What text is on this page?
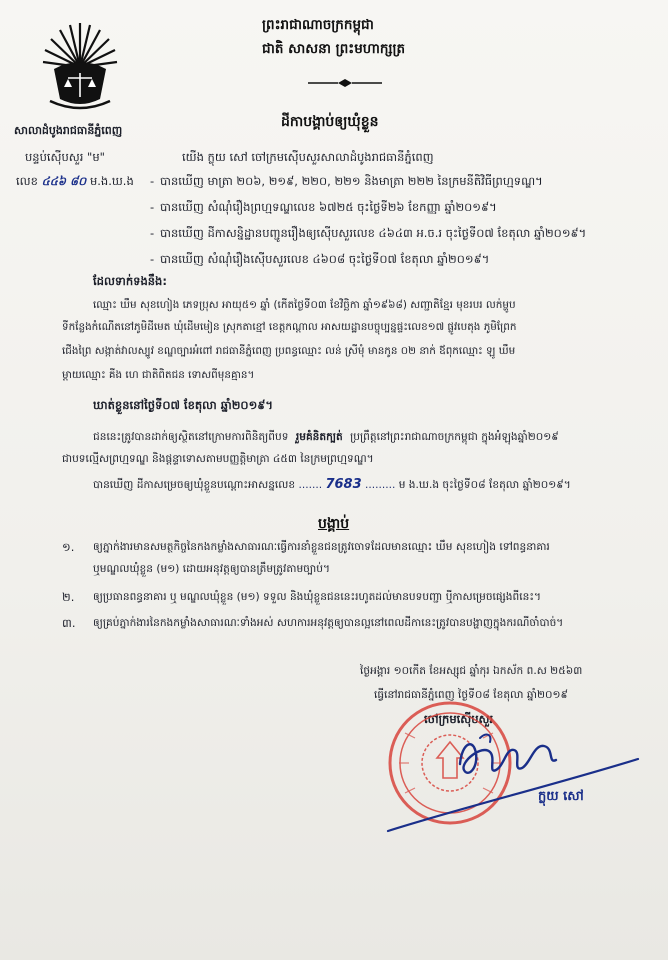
សាលាដំបូងរាជធានីភ្នំពេញ
បន្ទប់ស៊ើបសួរ "ម"
លេខ ៤៤៦ ៨០ ម.ង.ឃ.ង
ព្រះរាជាណាចក្រកម្ពុជា
ជាតិ សាសនា ព្រះមហាក្សត្រ
ដីកាបង្គាប់ឲ្យឃុំខ្លួន
យើង ក្លុយ សៅ ចៅក្រមស៊ើបសួរសាលាដំបូងរាជធានីភ្នំពេញ
- បានឃើញ មាត្រា ២០៦, ២១៩, ២២០, ២២១ និងមាត្រា ២២២ នៃក្រមនីតិវិធីព្រហ្មទណ្ឌ។
- បានឃើញ សំណុំរឿងព្រហ្មទណ្ឌលេខ ៦៧២៥ ចុះថ្ងៃទី២៦ ខែកញ្ញា ឆ្នាំ២០១៩។
- បានឃើញ ដីកាសន្និដ្ឋានបញ្ជូនរឿងឲ្យស៊ើបសួរលេខ ៤៦៤៣ អ.ច.រ ចុះថ្ងៃទី០៧ ខែតុលា ឆ្នាំ២០១៩។
- បានឃើញ សំណុំរឿងស៊ើបសួរលេខ ៤៦០៨ ចុះថ្ងៃទី០៧ ខែតុលា ឆ្នាំ២០១៩។
ដែលទាក់ទងនឹង:
ឈ្មោះ ឃឹម សុខហៀង ភេទប្រុស អាយុ៥១ ឆ្នាំ (កើតថ្ងៃទី០៣ ខែវិច្ឆិកា ឆ្នាំ១៩៦៨) សញ្ជាតិខ្មែរ មុខរបរ លក់ម្ហូប
ទីកន្លែងកំណើតនៅភូមិដីមេត ឃុំដើមមៀន ស្រុកតាខ្មៅ ខេត្តកណ្ដាល អាសយដ្ឋានបច្ចុប្បន្នផ្ទះលេខ១៧ ផ្លូវបេតុង ភូមិព្រែក
ជើងព្រៃ សង្កាត់វាលស្បូវ ខណ្ឌច្បារអំពៅ រាជធានីភ្នំពេញ ប្រពន្ធឈ្មោះ លន់ ស្រីមុំ មានកូន ០២ នាក់ ឪពុកឈ្មោះ ឡូ ឃឹម
ម្ដាយឈ្មោះ គីង ហេ ជាតិពិតជន ទោសពីមុនគ្មាន។
ឃាត់ខ្លួននៅថ្ងៃទី០៧ ខែតុលា ឆ្នាំ២០១៩។
ជននេះត្រូវបានដាក់ឲ្យស្ថិតនៅក្រោមការពិនិត្យពីបទ រួមគំនិតក្បត់ ប្រព្រឹត្តនៅព្រះរាជាណាចក្រកម្ពុជា ក្នុងអំឡុងឆ្នាំ២០១៩
ជាបទល្មើសព្រហ្មទណ្ឌ និងផ្ដន្ទាទោសតាមបញ្ញត្តិមាត្រា ៤៥៣ នៃក្រមព្រហ្មទណ្ឌ។
បានឃើញ ដីកាសម្រេចឲ្យឃុំខ្លួនបណ្ដោះអាសន្នលេខ ....... 7683 ......... ម ង.ឃ.ង ចុះថ្ងៃទី០៨ ខែតុលា ឆ្នាំ២០១៩។
បង្គាប់
១. ឲ្យភ្នាក់ងារមានសមត្ថកិច្ចនៃកងកម្លាំងសាធារណៈធ្វើការនាំខ្លួនជនត្រូវចោទដែលមានឈ្មោះ ឃឹម សុខហៀង ទៅពន្ធនាគារ
ឬមណ្ឌលឃុំខ្លួន (ម១) ដោយអនុវត្តឲ្យបានត្រឹមត្រូវតាមច្បាប់។
២. ឲ្យប្រធានពន្ធនាគារ ឬ មណ្ឌលឃុំខ្លួន (ម១) ទទួល និងឃុំខ្លួនជននេះរហូតដល់មានបទបញ្ជា ឬីកាសម្រេចផ្សេងពីនេះ។
៣. ឲ្យគ្រប់ភ្នាក់ងារនៃកងកម្លាំងសាធារណៈទាំងអស់ សហការអនុវត្តឲ្យបានល្អនៅពេលដីកានេះត្រូវបានបង្ហាញក្នុងករណីចាំបាច់។
ថ្ងៃអង្គារ ១០កើត ខែអស្សុជ ឆ្នាំកុរ ឯកស័ក ព.ស ២៥៦៣
ធ្វើនៅរាជធានីភ្នំពេញ ថ្ងៃទី០៨ ខែតុលា ឆ្នាំ២០១៩
ចៅក្រមស៊ើបសួរ
ក្លុយ សៅ
